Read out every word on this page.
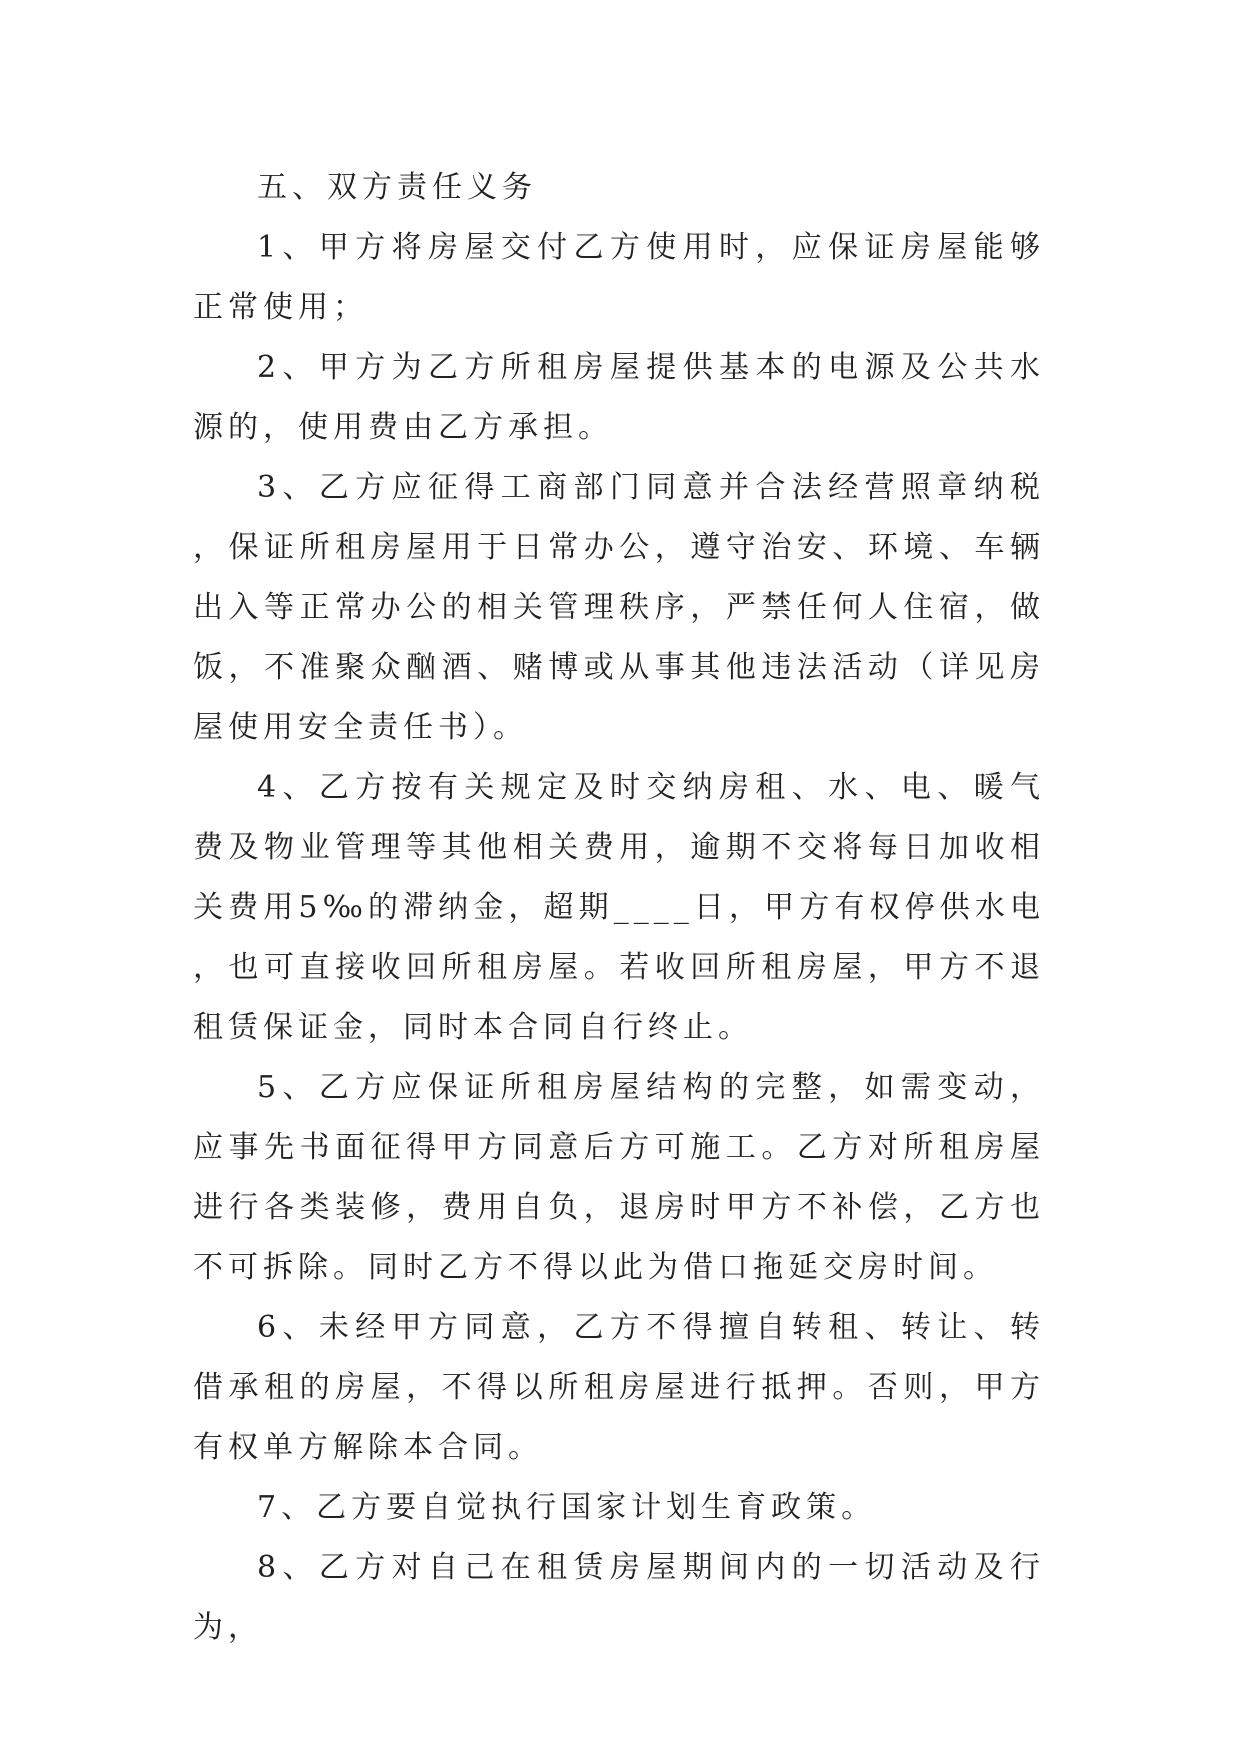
五、双方责任义务

1、甲方将房屋交付乙方使用时，应保证房屋能够正常使用；

2、甲方为乙方所租房屋提供基本的电源及公共水源的，使用费由乙方承担。

3、乙方应征得工商部门同意并合法经营照章纳税，保证所租房屋用于日常办公，遵守治安、环境、车辆出入等正常办公的相关管理秩序，严禁任何人住宿，做饭，不准聚众酗酒、赌博或从事其他违法活动（详见房屋使用安全责任书）。

4、乙方按有关规定及时交纳房租、水、电、暖气费及物业管理等其他相关费用，逾期不交将每日加收相关费用5‰的滞纳金，超期____日，甲方有权停供水电，也可直接收回所租房屋。若收回所租房屋，甲方不退租赁保证金，同时本合同自行终止。

5、乙方应保证所租房屋结构的完整，如需变动，应事先书面征得甲方同意后方可施工。乙方对所租房屋进行各类装修，费用自负，退房时甲方不补偿，乙方也不可拆除。同时乙方不得以此为借口拖延交房时间。

6、未经甲方同意，乙方不得擅自转租、转让、转借承租的房屋，不得以所租房屋进行抵押。否则，甲方有权单方解除本合同。

7、乙方要自觉执行国家计划生育政策。

8、乙方对自己在租赁房屋期间内的一切活动及行为，
